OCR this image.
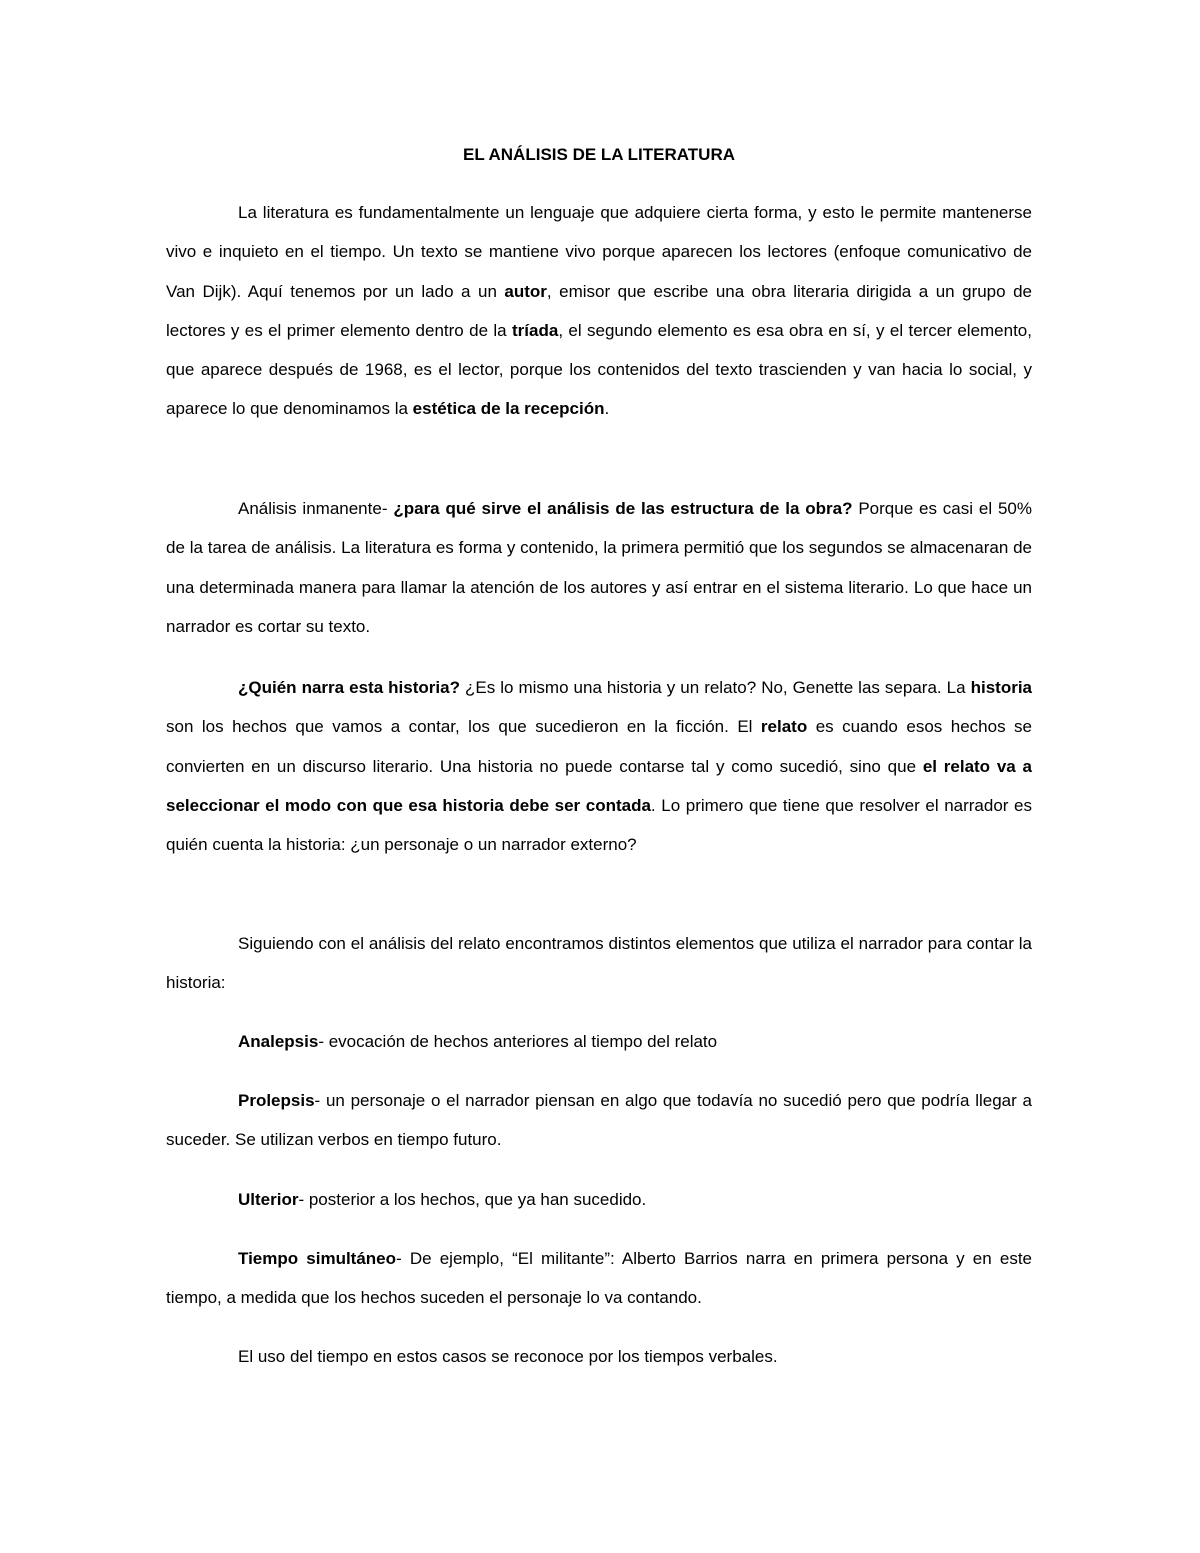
EL ANÁLISIS DE LA LITERATURA

La literatura es fundamentalmente un lenguaje que adquiere cierta forma, y esto le permite mantenerse vivo e inquieto en el tiempo. Un texto se mantiene vivo porque aparecen los lectores (enfoque comunicativo de Van Dijk). Aquí tenemos por un lado a un autor, emisor que escribe una obra literaria dirigida a un grupo de lectores y es el primer elemento dentro de la tríada, el segundo elemento es esa obra en sí, y el tercer elemento, que aparece después de 1968, es el lector, porque los contenidos del texto trascienden y van hacia lo social, y aparece lo que denominamos la estética de la recepción.

Análisis inmanente- ¿para qué sirve el análisis de las estructura de la obra? Porque es casi el 50% de la tarea de análisis. La literatura es forma y contenido, la primera permitió que los segundos se almacenaran de una determinada manera para llamar la atención de los autores y así entrar en el sistema literario. Lo que hace un narrador es cortar su texto.

¿Quién narra esta historia? ¿Es lo mismo una historia y un relato? No, Genette las separa. La historia son los hechos que vamos a contar, los que sucedieron en la ficción. El relato es cuando esos hechos se convierten en un discurso literario. Una historia no puede contarse tal y como sucedió, sino que el relato va a seleccionar el modo con que esa historia debe ser contada. Lo primero que tiene que resolver el narrador es quién cuenta la historia: ¿un personaje o un narrador externo?

Siguiendo con el análisis del relato encontramos distintos elementos que utiliza el narrador para contar la historia:

Analepsis- evocación de hechos anteriores al tiempo del relato

Prolepsis- un personaje o el narrador piensan en algo que todavía no sucedió pero que podría llegar a suceder. Se utilizan verbos en tiempo futuro.

Ulterior- posterior a los hechos, que ya han sucedido.

Tiempo simultáneo- De ejemplo, “El militante”: Alberto Barrios narra en primera persona y en este tiempo, a medida que los hechos suceden el personaje lo va contando.

El uso del tiempo en estos casos se reconoce por los tiempos verbales.
